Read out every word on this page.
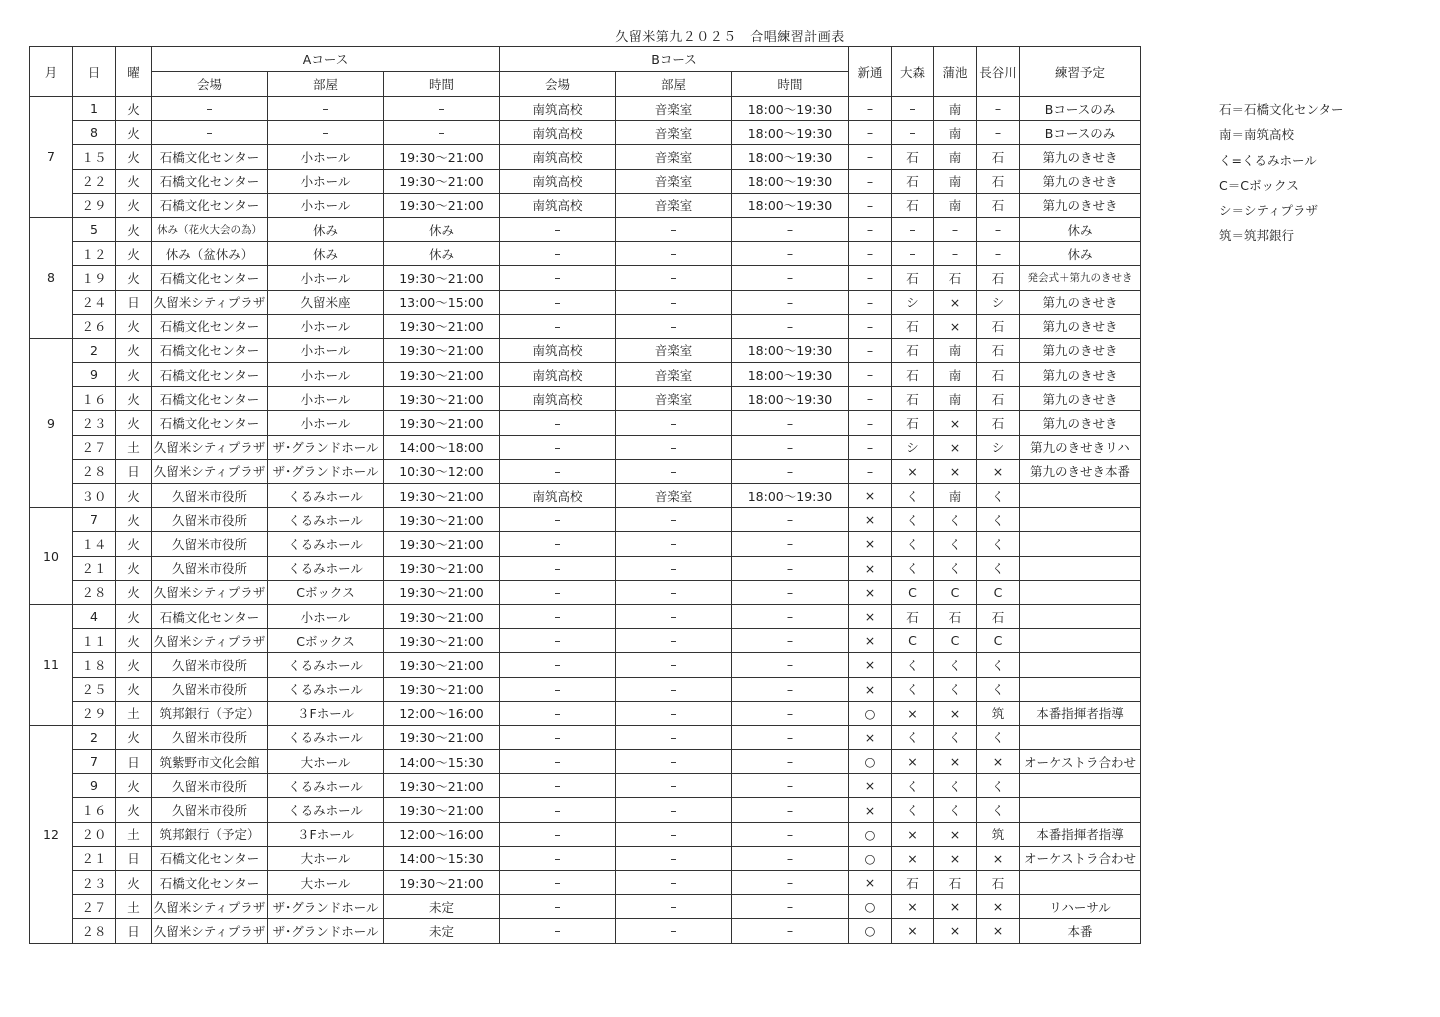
久留米第九２０２５　合唱練習計画表
月	日	曜	Aコース			Bコース			新通	大森	蒲池	長谷川	練習予定
			会場	部屋	時間	会場	部屋	時間					
7	1	火	–	–	–	南筑高校	音楽室	18:00～19:30	–	–	南	–	Bコースのみ
	8	火	–	–	–	南筑高校	音楽室	18:00～19:30	–	–	南	–	Bコースのみ
	１５	火	石橋文化センター	小ホール	19:30～21:00	南筑高校	音楽室	18:00～19:30	–	石	南	石	第九のきせき
	２２	火	石橋文化センター	小ホール	19:30～21:00	南筑高校	音楽室	18:00～19:30	–	石	南	石	第九のきせき
	２９	火	石橋文化センター	小ホール	19:30～21:00	南筑高校	音楽室	18:00～19:30	–	石	南	石	第九のきせき
8	5	火	休み（花火大会の為）	休み	休み	–	–	–	–	–	–	–	休み
	１２	火	休み（盆休み）	休み	休み	–	–	–	–	–	–	–	休み
	１９	火	石橋文化センター	小ホール	19:30～21:00	–	–	–	–	石	石	石	発会式＋第九のきせき
	２４	日	久留米シティプラザ	久留米座	13:00～15:00	–	–	–	–	シ	×	シ	第九のきせき
	２６	火	石橋文化センター	小ホール	19:30～21:00	–	–	–	–	石	×	石	第九のきせき
9	2	火	石橋文化センター	小ホール	19:30～21:00	南筑高校	音楽室	18:00～19:30	–	石	南	石	第九のきせき
	9	火	石橋文化センター	小ホール	19:30～21:00	南筑高校	音楽室	18:00～19:30	–	石	南	石	第九のきせき
	１６	火	石橋文化センター	小ホール	19:30～21:00	南筑高校	音楽室	18:00～19:30	–	石	南	石	第九のきせき
	２３	火	石橋文化センター	小ホール	19:30～21:00	–	–	–	–	石	×	石	第九のきせき
	２７	土	久留米シティプラザ	ザ･グランドホール	14:00～18:00	–	–	–	–	シ	×	シ	第九のきせきリハ
	２８	日	久留米シティプラザ	ザ･グランドホール	10:30～12:00	–	–	–	–	×	×	×	第九のきせき本番
	３０	火	久留米市役所	くるみホール	19:30～21:00	南筑高校	音楽室	18:00～19:30	×	く	南	く	
10	7	火	久留米市役所	くるみホール	19:30～21:00	–	–	–	×	く	く	く	
	１４	火	久留米市役所	くるみホール	19:30～21:00	–	–	–	×	く	く	く	
	２１	火	久留米市役所	くるみホール	19:30～21:00	–	–	–	×	く	く	く	
	２８	火	久留米シティプラザ	Cボックス	19:30～21:00	–	–	–	×	C	C	C	
11	4	火	石橋文化センター	小ホール	19:30～21:00	–	–	–	×	石	石	石	
	１１	火	久留米シティプラザ	Cボックス	19:30～21:00	–	–	–	×	C	C	C	
	１８	火	久留米市役所	くるみホール	19:30～21:00	–	–	–	×	く	く	く	
	２５	火	久留米市役所	くるみホール	19:30～21:00	–	–	–	×	く	く	く	
	２９	土	筑邦銀行（予定）	３Fホール	12:00～16:00	–	–	–	○	×	×	筑	本番指揮者指導
12	2	火	久留米市役所	くるみホール	19:30～21:00	–	–	–	×	く	く	く	
	7	日	筑紫野市文化会館	大ホール	14:00～15:30	–	–	–	○	×	×	×	オーケストラ合わせ
	9	火	久留米市役所	くるみホール	19:30～21:00	–	–	–	×	く	く	く	
	１６	火	久留米市役所	くるみホール	19:30～21:00	–	–	–	×	く	く	く	
	２０	土	筑邦銀行（予定）	３Fホール	12:00～16:00	–	–	–	○	×	×	筑	本番指揮者指導
	２１	日	石橋文化センター	大ホール	14:00～15:30	–	–	–	○	×	×	×	オーケストラ合わせ
	２３	火	石橋文化センター	大ホール	19:30～21:00	–	–	–	×	石	石	石	
	２７	土	久留米シティプラザ	ザ･グランドホール	未定	–	–	–	○	×	×	×	リハーサル
	２８	日	久留米シティプラザ	ザ･グランドホール	未定	–	–	–	○	×	×	×	本番
石＝石橋文化センター
南＝南筑高校
く=くるみホール
C＝Cボックス
シ＝シティプラザ
筑＝筑邦銀行
